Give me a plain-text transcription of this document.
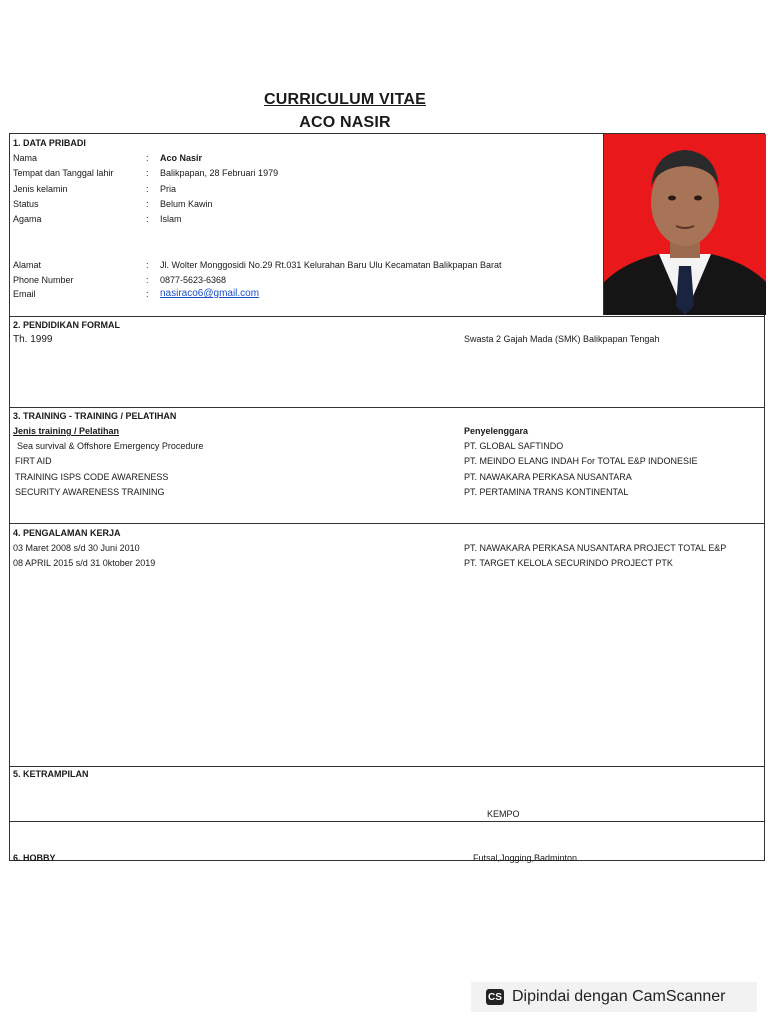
CURRICULUM VITAE
ACO NASIR
1. DATA PRIBADI
Nama	: Aco Nasir
Tempat dan Tanggal lahir	: Balikpapan, 28 Februari 1979
Jenis kelamin	: Pria
Status	: Belum Kawin
Agama	: Islam
Alamat	: Jl. Wolter Monggosidi No.29 Rt.031 Kelurahan Baru Ulu Kecamatan Balikpapan Barat
Phone Number	: 0877-5623-6368
Email	: nasiraco6@gmail.com
2. PENDIDIKAN FORMAL
Th. 1999	Swasta 2 Gajah Mada (SMK) Balikpapan Tengah
3. TRAINING - TRAINING / PELATIHAN
Jenis training / Pelatihan	Penyelenggara
Sea survival & Offshore Emergency Procedure	PT. GLOBAL SAFTINDO
FIRT AID	PT. MEINDO ELANG INDAH For TOTAL E&P INDONESIE
TRAINING ISPS CODE AWARENESS	PT. NAWAKARA PERKASA NUSANTARA
SECURITY AWARENESS TRAINING	PT. PERTAMINA TRANS KONTINENTAL
4. PENGALAMAN KERJA
03 Maret 2008 s/d 30 Juni 2010	PT. NAWAKARA PERKASA NUSANTARA PROJECT TOTAL E&P
08 APRIL 2015 s/d 31 0ktober 2019	PT. TARGET KELOLA SECURINDO PROJECT PTK
5. KETRAMPILAN
KEMPO
6. HOBBY	Futsal,Jogging,Badminton
CS Dipindai dengan CamScanner
